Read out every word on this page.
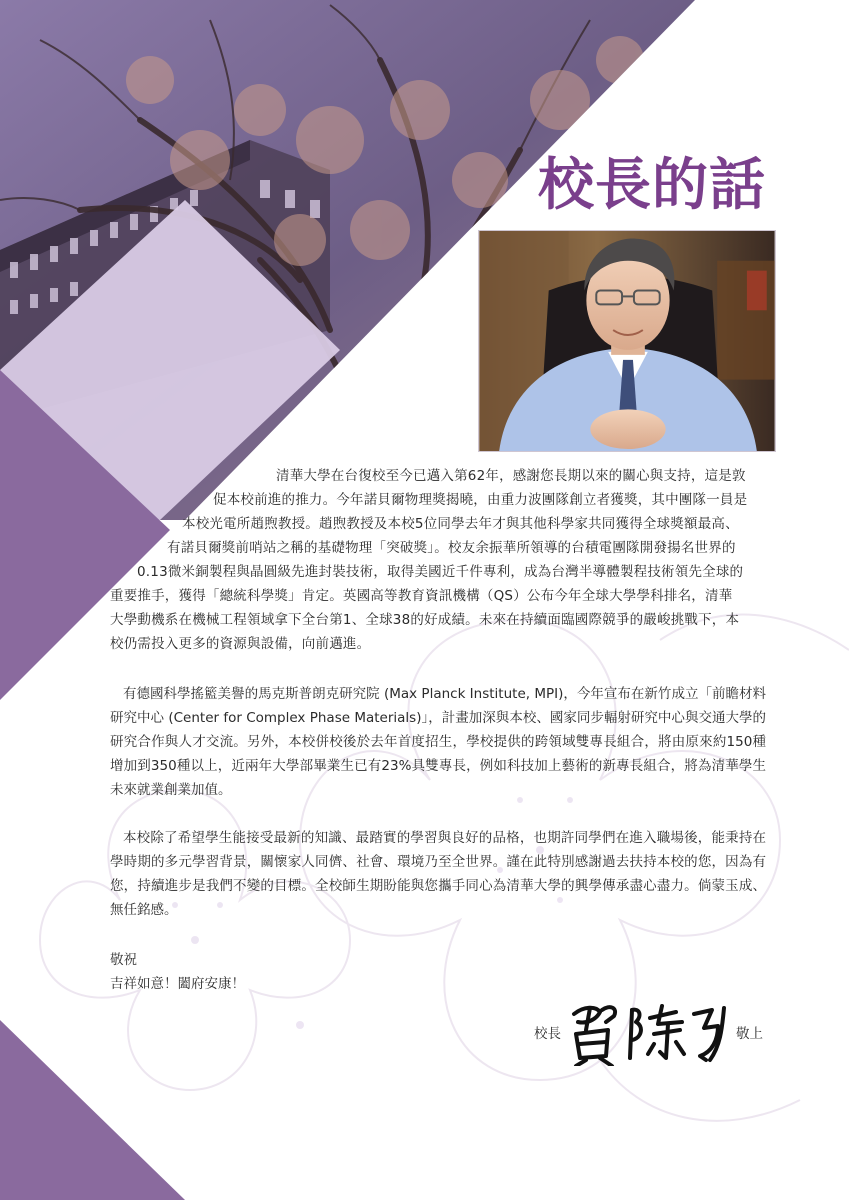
校長的話
清華大學在台復校至今已邁入第62年，感謝您長期以來的關心與支持，這是敦
促本校前進的推力。今年諾貝爾物理獎揭曉，由重力波團隊創立者獲獎，其中團隊一員是
本校光電所趙煦教授。趙煦教授及本校5位同學去年才與其他科學家共同獲得全球獎額最高、
有諾貝爾獎前哨站之稱的基礎物理「突破獎」。校友余振華所領導的台積電團隊開發揚名世界的
0.13微米銅製程與晶圓級先進封裝技術，取得美國近千件專利，成為台灣半導體製程技術領先全球的
重要推手，獲得「總統科學獎」肯定。英國高等教育資訊機構（QS）公布今年全球大學學科排名，清華
大學動機系在機械工程領域拿下全台第1、全球38的好成績。未來在持續面臨國際競爭的嚴峻挑戰下，本
校仍需投入更多的資源與設備，向前邁進。

有德國科學搖籃美譽的馬克斯普朗克研究院 (Max Planck Institute, MPI)，今年宣布在新竹成立「前瞻材料研究中心 (Center for Complex Phase Materials)」，計畫加深與本校、國家同步輻射研究中心與交通大學的研究合作與人才交流。另外，本校併校後於去年首度招生，學校提供的跨領域雙專長組合，將由原來約150種增加到350種以上，近兩年大學部畢業生已有23%具雙專長，例如科技加上藝術的新專長組合，將為清華學生未來就業創業加值。

本校除了希望學生能接受最新的知識、最踏實的學習與良好的品格，也期許同學們在進入職場後，能秉持在學時期的多元學習背景，關懷家人同儕、社會、環境乃至全世界。謹在此特別感謝過去扶持本校的您，因為有您，持續進步是我們不變的目標。全校師生期盼能與您攜手同心為清華大學的興學傳承盡心盡力。倘蒙玉成、無任銘感。

敬祝
吉祥如意！闔府安康！
校長	敬上
